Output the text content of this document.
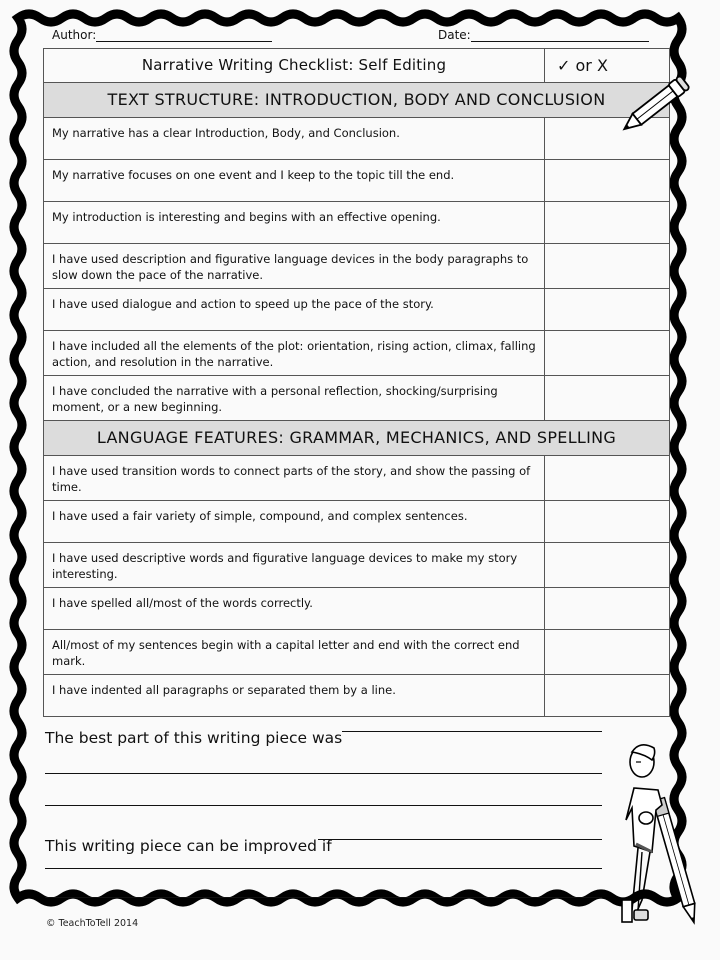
Author:	Date:
Narrative Writing Checklist: Self Editing	✓ or X
TEXT STRUCTURE: INTRODUCTION, BODY AND CONCLUSION	
My narrative has a clear Introduction, Body, and Conclusion.	
My narrative focuses on one event and I keep to the topic till the end.	
My introduction is interesting and begins with an effective opening.	
I have used description and figurative language devices in the body paragraphs to slow down the pace of the narrative.	
I have used dialogue and action to speed up the pace of the story.	
I have included all the elements of the plot: orientation, rising action, climax, falling action, and resolution in the narrative.	
I have concluded the narrative with a personal reflection, shocking/surprising moment, or a new beginning.	
LANGUAGE FEATURES: GRAMMAR, MECHANICS, AND SPELLING	
I have used transition words to connect parts of the story, and show the passing of time.	
I have used a fair variety of simple, compound, and complex sentences.	
I have used descriptive words and figurative language devices to make my story interesting.	
I have spelled all/most of the words correctly.	
All/most of my sentences begin with a capital letter and end with the correct end mark.	
I have indented all paragraphs or separated them by a line.	
The best part of this writing piece was
This writing piece can be improved if
© TeachToTell 2014
